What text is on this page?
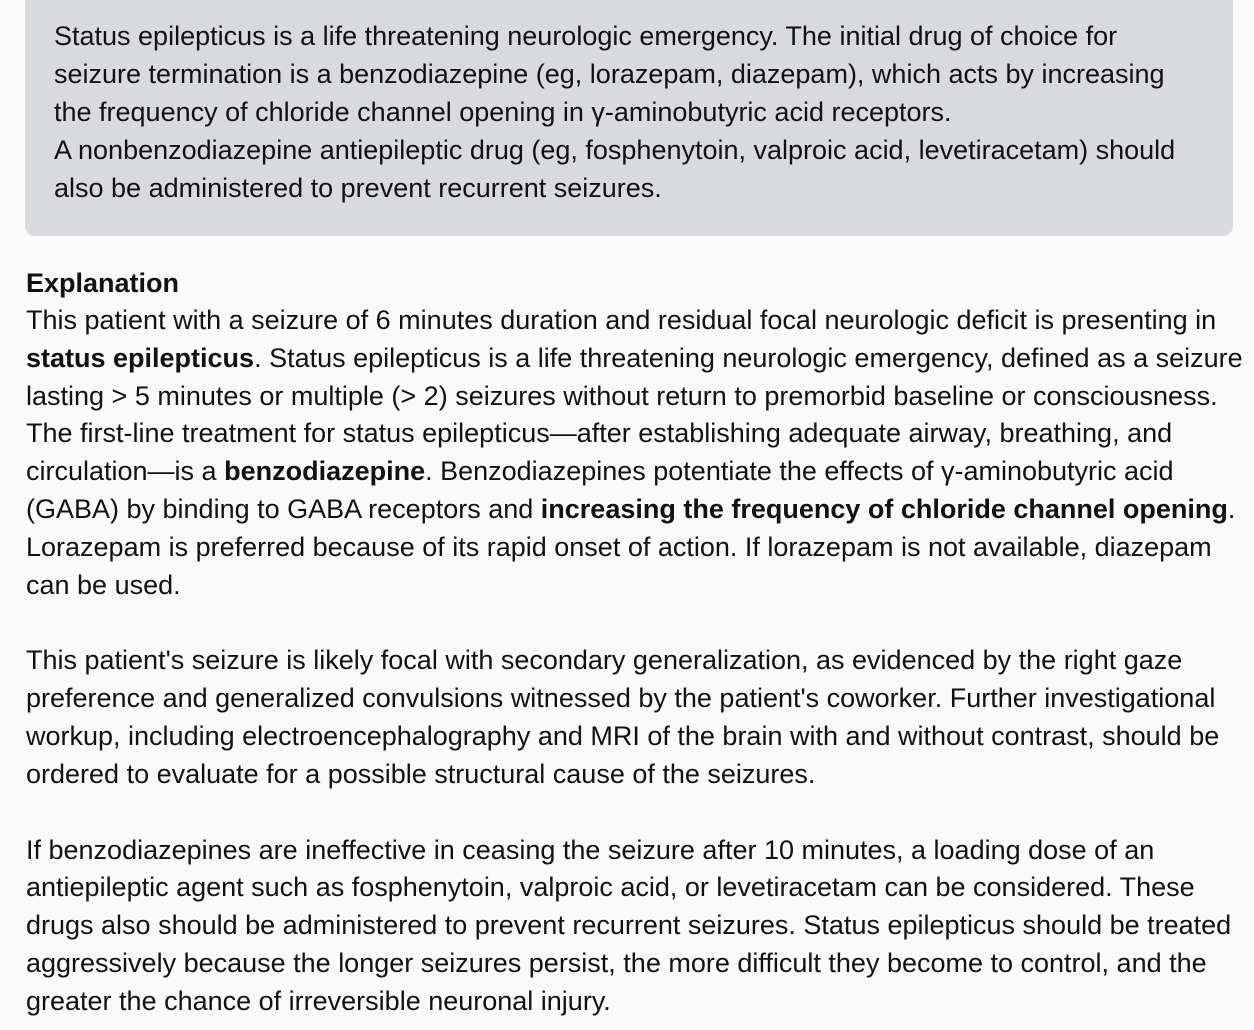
Status epilepticus is a life threatening neurologic emergency. The initial drug of choice for seizure termination is a benzodiazepine (eg, lorazepam, diazepam), which acts by increasing the frequency of chloride channel opening in γ-aminobutyric acid receptors.
A nonbenzodiazepine antiepileptic drug (eg, fosphenytoin, valproic acid, levetiracetam) should also be administered to prevent recurrent seizures.

Explanation

This patient with a seizure of 6 minutes duration and residual focal neurologic deficit is presenting in status epilepticus. Status epilepticus is a life threatening neurologic emergency, defined as a seizure lasting > 5 minutes or multiple (> 2) seizures without return to premorbid baseline or consciousness. The first-line treatment for status epilepticus—after establishing adequate airway, breathing, and circulation—is a benzodiazepine. Benzodiazepines potentiate the effects of γ-aminobutyric acid (GABA) by binding to GABA receptors and increasing the frequency of chloride channel opening. Lorazepam is preferred because of its rapid onset of action. If lorazepam is not available, diazepam can be used.

This patient's seizure is likely focal with secondary generalization, as evidenced by the right gaze preference and generalized convulsions witnessed by the patient's coworker. Further investigational workup, including electroencephalography and MRI of the brain with and without contrast, should be ordered to evaluate for a possible structural cause of the seizures.

If benzodiazepines are ineffective in ceasing the seizure after 10 minutes, a loading dose of an antiepileptic agent such as fosphenytoin, valproic acid, or levetiracetam can be considered. These drugs also should be administered to prevent recurrent seizures. Status epilepticus should be treated aggressively because the longer seizures persist, the more difficult they become to control, and the greater the chance of irreversible neuronal injury.
